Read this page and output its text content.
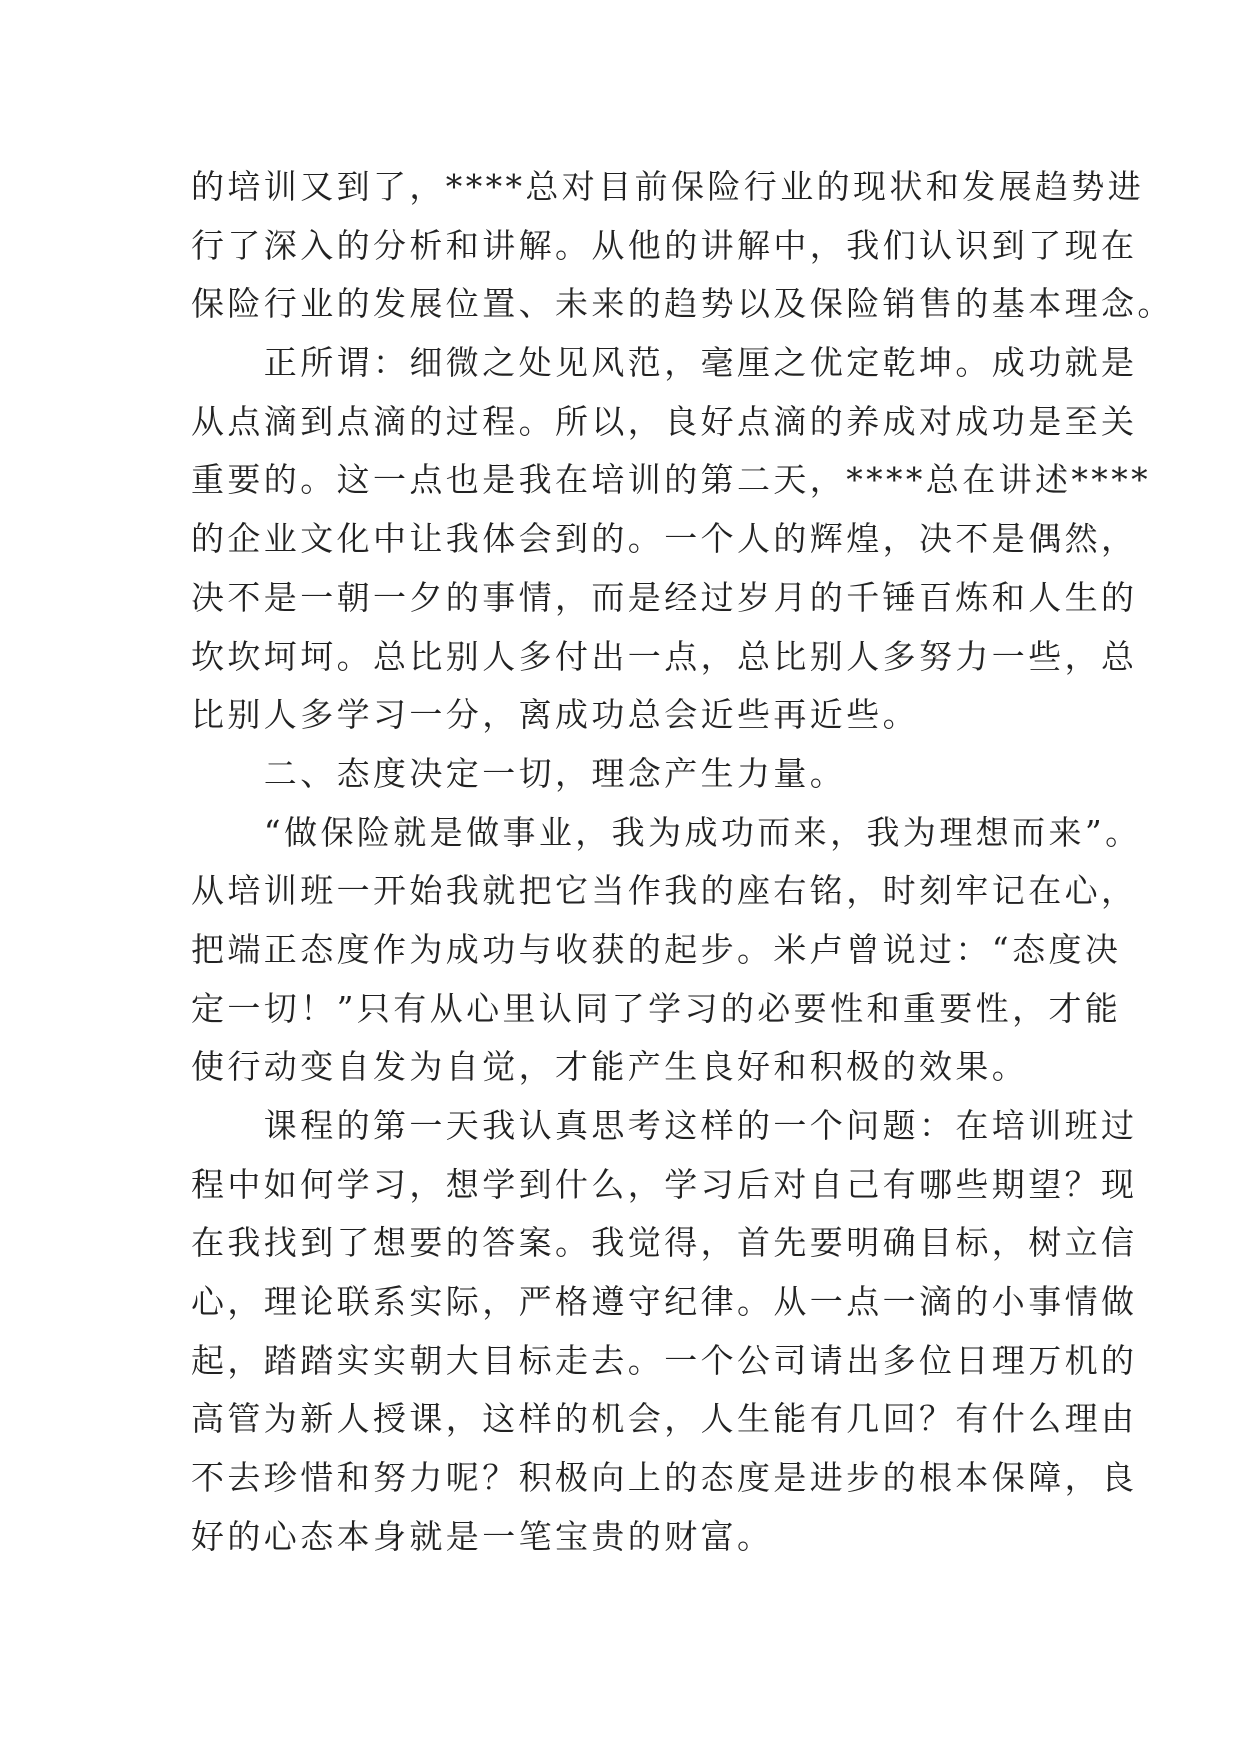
的培训又到了，****总对目前保险行业的现状和发展趋势进
行了深入的分析和讲解。从他的讲解中，我们认识到了现在
保险行业的发展位置、未来的趋势以及保险销售的基本理念。
　　正所谓：细微之处见风范，毫厘之优定乾坤。成功就是
从点滴到点滴的过程。所以，良好点滴的养成对成功是至关
重要的。这一点也是我在培训的第二天，****总在讲述****
的企业文化中让我体会到的。一个人的辉煌，决不是偶然，
决不是一朝一夕的事情，而是经过岁月的千锤百炼和人生的
坎坎坷坷。总比别人多付出一点，总比别人多努力一些，总
比别人多学习一分，离成功总会近些再近些。
　　二、态度决定一切，理念产生力量。
　　“做保险就是做事业，我为成功而来，我为理想而来”。
从培训班一开始我就把它当作我的座右铭，时刻牢记在心，
把端正态度作为成功与收获的起步。米卢曾说过：“态度决
定一切！”只有从心里认同了学习的必要性和重要性，才能
使行动变自发为自觉，才能产生良好和积极的效果。
　　课程的第一天我认真思考这样的一个问题：在培训班过
程中如何学习，想学到什么，学习后对自己有哪些期望？现
在我找到了想要的答案。我觉得，首先要明确目标，树立信
心，理论联系实际，严格遵守纪律。从一点一滴的小事情做
起，踏踏实实朝大目标走去。一个公司请出多位日理万机的
高管为新人授课，这样的机会，人生能有几回？有什么理由
不去珍惜和努力呢？积极向上的态度是进步的根本保障，良
好的心态本身就是一笔宝贵的财富。
